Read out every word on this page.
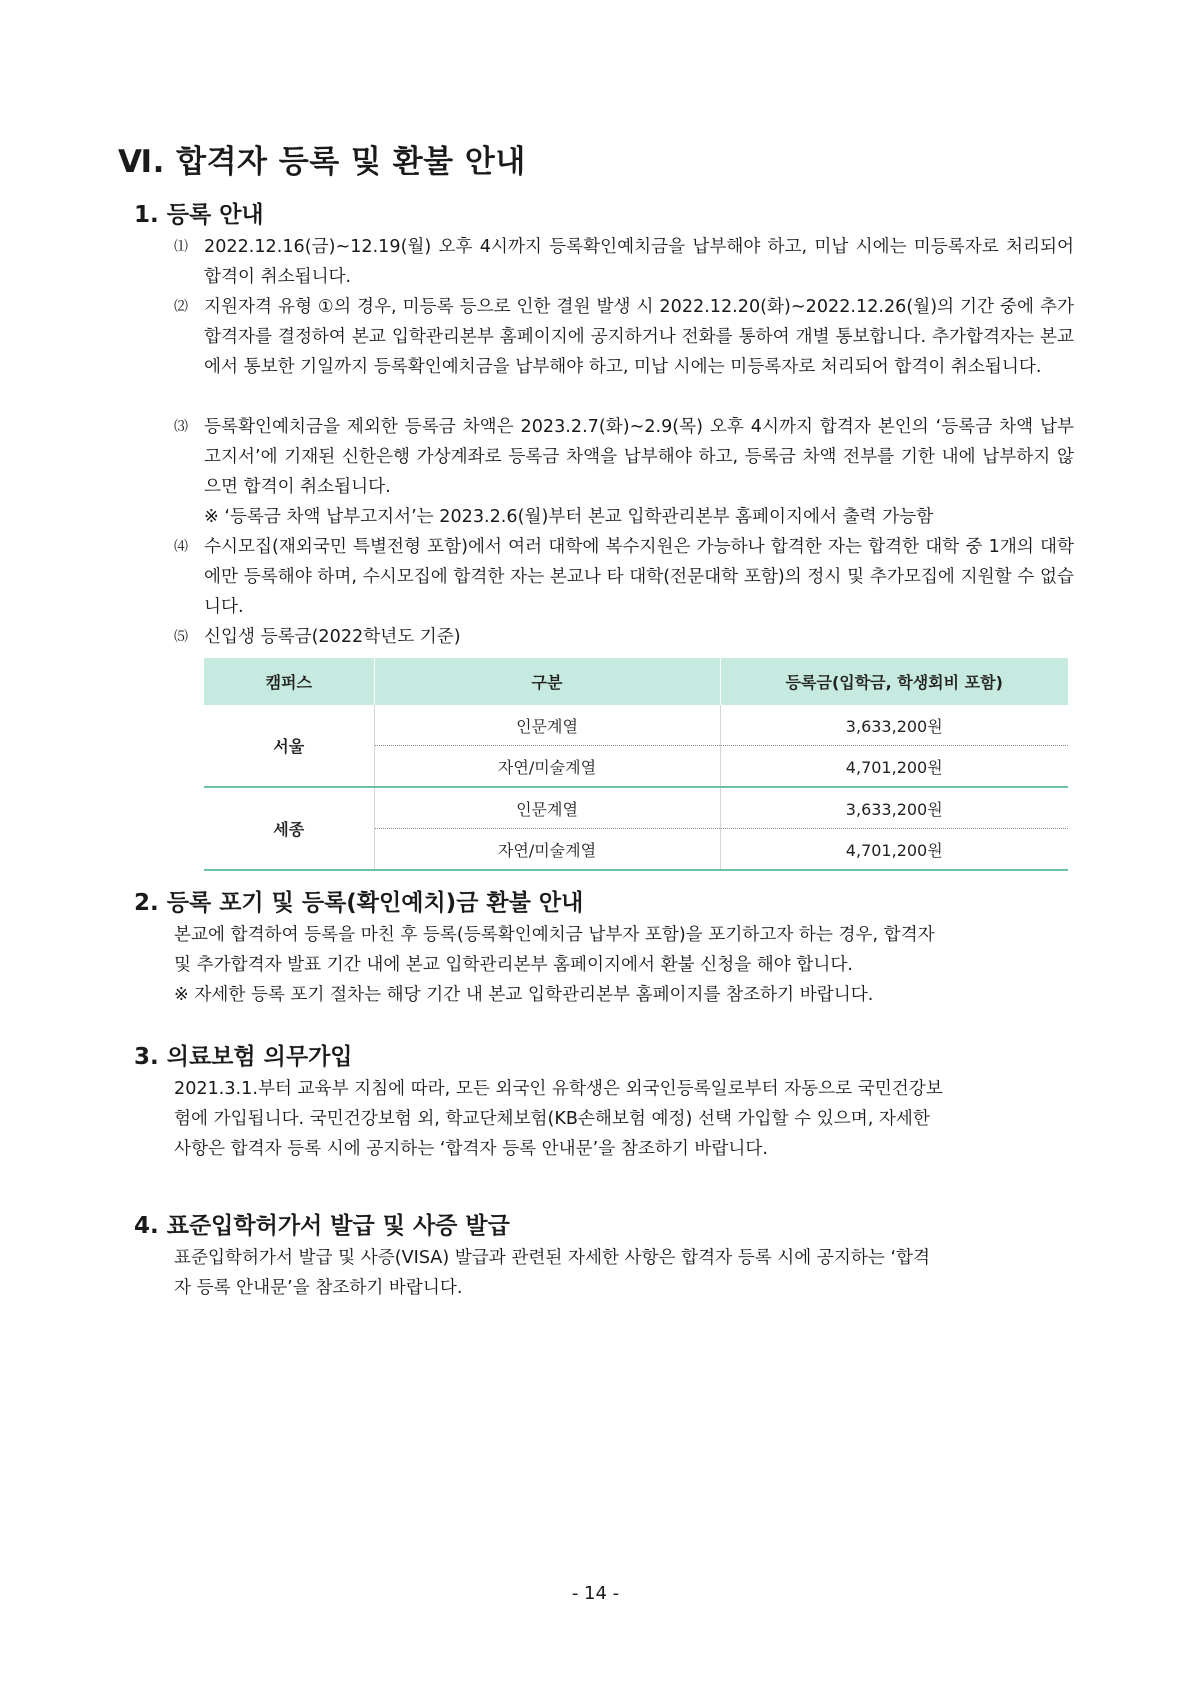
Ⅵ. 합격자 등록 및 환불 안내
1. 등록 안내
⑴ 2022.12.16(금)~12.19(월) 오후 4시까지 등록확인예치금을 납부해야 하고, 미납 시에는 미등록자로 처리되어 합격이 취소됩니다.
⑵ 지원자격 유형 ①의 경우, 미등록 등으로 인한 결원 발생 시 2022.12.20(화)~2022.12.26(월)의 기간 중에 추가합격자를 결정하여 본교 입학관리본부 홈페이지에 공지하거나 전화를 통하여 개별 통보합니다. 추가합격자는 본교에서 통보한 기일까지 등록확인예치금을 납부해야 하고, 미납 시에는 미등록자로 처리되어 합격이 취소됩니다.
⑶ 등록확인예치금을 제외한 등록금 차액은 2023.2.7(화)~2.9(목) 오후 4시까지 합격자 본인의 ‘등록금 차액 납부고지서’에 기재된 신한은행 가상계좌로 등록금 차액을 납부해야 하고, 등록금 차액 전부를 기한 내에 납부하지 않으면 합격이 취소됩니다.
※ ‘등록금 차액 납부고지서’는 2023.2.6(월)부터 본교 입학관리본부 홈페이지에서 출력 가능함
⑷ 수시모집(재외국민 특별전형 포함)에서 여러 대학에 복수지원은 가능하나 합격한 자는 합격한 대학 중 1개의 대학에만 등록해야 하며, 수시모집에 합격한 자는 본교나 타 대학(전문대학 포함)의 정시 및 추가모집에 지원할 수 없습니다.
⑸ 신입생 등록금(2022학년도 기준)
캠퍼스	구분	등록금(입학금, 학생회비 포함)
서울	인문계열	3,633,200원
	자연/미술계열	4,701,200원
세종	인문계열	3,633,200원
	자연/미술계열	4,701,200원
2. 등록 포기 및 등록(확인예치)금 환불 안내
본교에 합격하여 등록을 마친 후 등록(등록확인예치금 납부자 포함)을 포기하고자 하는 경우, 합격자
및 추가합격자 발표 기간 내에 본교 입학관리본부 홈페이지에서 환불 신청을 해야 합니다.
※ 자세한 등록 포기 절차는 해당 기간 내 본교 입학관리본부 홈페이지를 참조하기 바랍니다.
3. 의료보험 의무가입
2021.3.1.부터 교육부 지침에 따라, 모든 외국인 유학생은 외국인등록일로부터 자동으로 국민건강보
험에 가입됩니다. 국민건강보험 외, 학교단체보험(KB손해보험 예정) 선택 가입할 수 있으며, 자세한
사항은 합격자 등록 시에 공지하는 ‘합격자 등록 안내문’을 참조하기 바랍니다.
4. 표준입학허가서 발급 및 사증 발급
표준입학허가서 발급 및 사증(VISA) 발급과 관련된 자세한 사항은 합격자 등록 시에 공지하는 ‘합격
자 등록 안내문’을 참조하기 바랍니다.
- 14 -
